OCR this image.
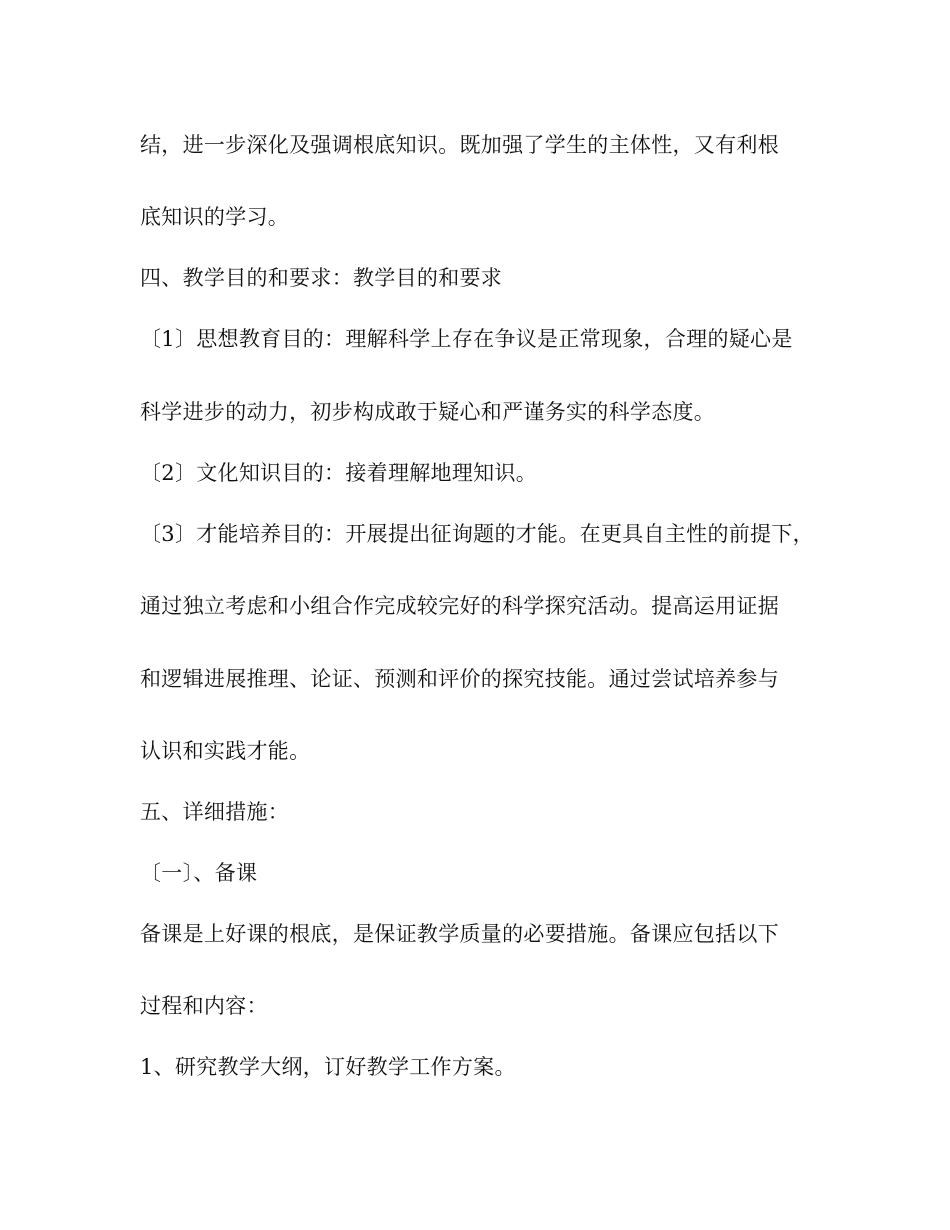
结，进一步深化及强调根底知识。既加强了学生的主体性，又有利根
底知识的学习。
四、教学目的和要求：教学目的和要求
〔1〕思想教育目的：理解科学上存在争议是正常现象，合理的疑心是
科学进步的动力，初步构成敢于疑心和严谨务实的科学态度。
〔2〕文化知识目的：接着理解地理知识。
〔3〕才能培养目的：开展提出征询题的才能。在更具自主性的前提下，
通过独立考虑和小组合作完成较完好的科学探究活动。提高运用证据
和逻辑进展推理、论证、预测和评价的探究技能。通过尝试培养参与
认识和实践才能。
五、详细措施：
〔一〕、备课
备课是上好课的根底，是保证教学质量的必要措施。备课应包括以下
过程和内容：
1、研究教学大纲，订好教学工作方案。
